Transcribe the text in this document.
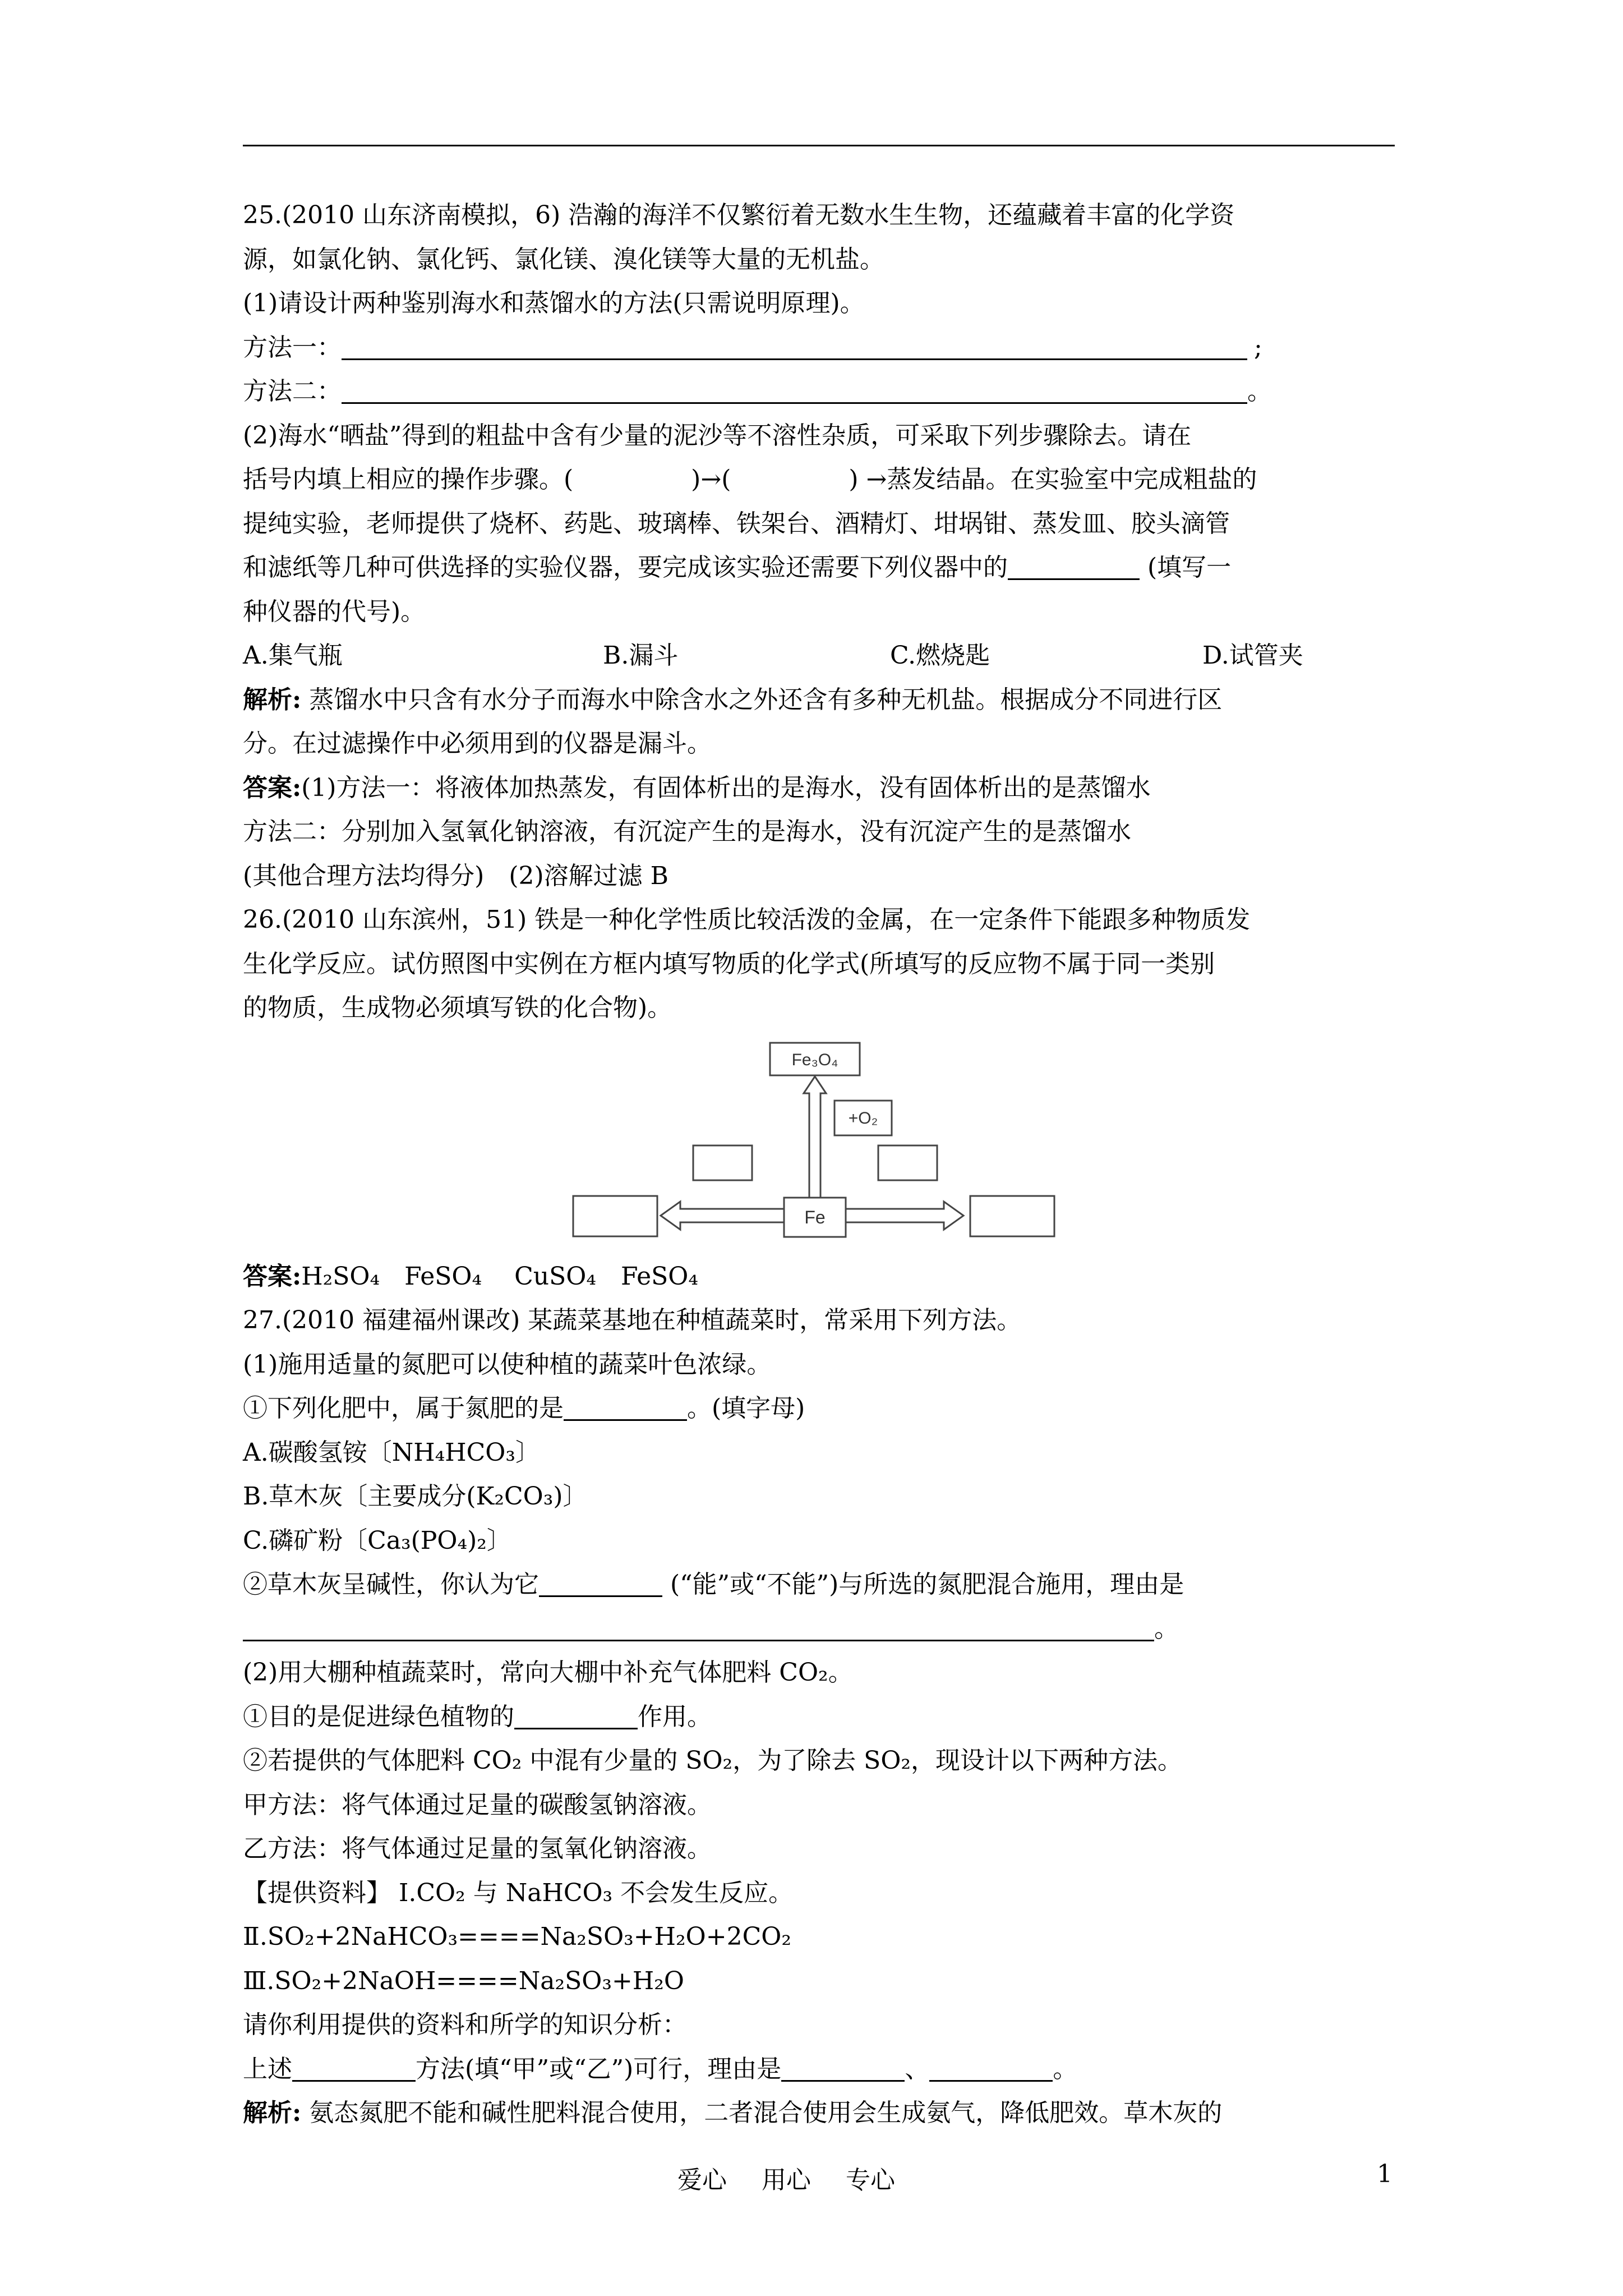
25.(2010 山东济南模拟，6) 浩瀚的海洋不仅繁衍着无数水生生物，还蕴藏着丰富的化学资
源，如氯化钠、氯化钙、氯化镁、溴化镁等大量的无机盐。
(1)请设计两种鉴别海水和蒸馏水的方法(只需说明原理)。
方法一：	;
方法二：	。
(2)海水“晒盐”得到的粗盐中含有少量的泥沙等不溶性杂质，可采取下列步骤除去。请在
括号内填上相应的操作步骤。(	)→(	) →蒸发结晶。在实验室中完成粗盐的
提纯实验，老师提供了烧杯、药匙、玻璃棒、铁架台、酒精灯、坩埚钳、蒸发皿、胶头滴管
和滤纸等几种可供选择的实验仪器，要完成该实验还需要下列仪器中的	(填写一
种仪器的代号)。
A.集气瓶	B.漏斗	C.燃烧匙	D.试管夹
解析: 蒸馏水中只含有水分子而海水中除含水之外还含有多种无机盐。根据成分不同进行区
分。在过滤操作中必须用到的仪器是漏斗。
答案:(1)方法一：将液体加热蒸发，有固体析出的是海水，没有固体析出的是蒸馏水
方法二：分别加入氢氧化钠溶液，有沉淀产生的是海水，没有沉淀产生的是蒸馏水
(其他合理方法均得分)　(2)溶解过滤 B
26.(2010 山东滨州，51) 铁是一种化学性质比较活泼的金属，在一定条件下能跟多种物质发
生化学反应。试仿照图中实例在方框内填写物质的化学式(所填写的反应物不属于同一类别
的物质，生成物必须填写铁的化合物)。
Fe₃O₄
+O₂
Fe
答案:H₂SO₄　FeSO₄　 CuSO₄　FeSO₄
27.(2010 福建福州课改) 某蔬菜基地在种植蔬菜时，常采用下列方法。
(1)施用适量的氮肥可以使种植的蔬菜叶色浓绿。
①下列化肥中，属于氮肥的是	。(填字母)
A.碳酸氢铵〔NH₄HCO₃〕
B.草木灰〔主要成分(K₂CO₃)〕
C.磷矿粉〔Ca₃(PO₄)₂〕
②草木灰呈碱性，你认为它	(“能”或“不能”)与所选的氮肥混合施用，理由是
。
(2)用大棚种植蔬菜时，常向大棚中补充气体肥料 CO₂。
①目的是促进绿色植物的	作用。
②若提供的气体肥料 CO₂ 中混有少量的 SO₂，为了除去 SO₂，现设计以下两种方法。
甲方法：将气体通过足量的碳酸氢钠溶液。
乙方法：将气体通过足量的氢氧化钠溶液。
【提供资料】 I.CO₂ 与 NaHCO₃ 不会发生反应。
Ⅱ.SO₂+2NaHCO₃====Na₂SO₃+H₂O+2CO₂
Ⅲ.SO₂+2NaOH====Na₂SO₃+H₂O
请你利用提供的资料和所学的知识分析：
上述	方法(填“甲”或“乙”)可行，理由是	、	。
解析: 氨态氮肥不能和碱性肥料混合使用，二者混合使用会生成氨气，降低肥效。草木灰的
爱心 用心 专心	1
